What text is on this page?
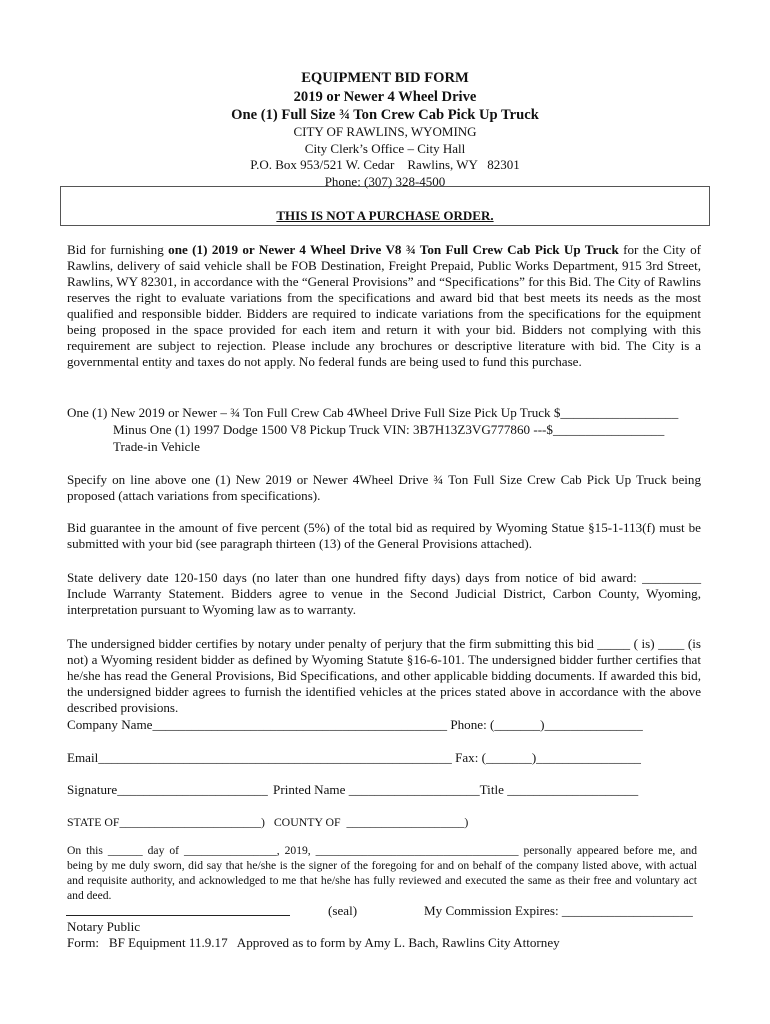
EQUIPMENT BID FORM
2019 or Newer 4 Wheel Drive
One (1) Full Size ¾ Ton Crew Cab Pick Up Truck
CITY OF RAWLINS, WYOMING
City Clerk’s Office – City Hall
P.O. Box 953/521 W. Cedar    Rawlins, WY   82301
Phone: (307) 328-4500
THIS IS NOT A PURCHASE ORDER.
Bid for furnishing one (1) 2019 or Newer 4 Wheel Drive V8 ¾ Ton Full Crew Cab Pick Up Truck for the City of Rawlins, delivery of said vehicle shall be FOB Destination, Freight Prepaid, Public Works Department, 915 3rd Street, Rawlins, WY 82301, in accordance with the “General Provisions” and “Specifications” for this Bid. The City of Rawlins reserves the right to evaluate variations from the specifications and award bid that best meets its needs as the most qualified and responsible bidder. Bidders are required to indicate variations from the specifications for the equipment being proposed in the space provided for each item and return it with your bid. Bidders not complying with this requirement are subject to rejection. Please include any brochures or descriptive literature with bid. The City is a governmental entity and taxes do not apply. No federal funds are being used to fund this purchase.
One (1) New 2019 or Newer – ¾ Ton Full Crew Cab 4Wheel Drive Full Size Pick Up Truck $__________________
Minus One (1) 1997 Dodge 1500 V8 Pickup Truck VIN: 3B7H13Z3VG777860 ---$_________________
Trade-in Vehicle
Specify on line above one (1) New 2019 or Newer 4Wheel Drive ¾ Ton Full Size Crew Cab Pick Up Truck being proposed (attach variations from specifications).
Bid guarantee in the amount of five percent (5%) of the total bid as required by Wyoming Statue §15-1-113(f) must be submitted with your bid (see paragraph thirteen (13) of the General Provisions attached).
State delivery date 120-150 days (no later than one hundred fifty days) days from notice of bid award: _________ Include Warranty Statement. Bidders agree to venue in the Second Judicial District, Carbon County, Wyoming, interpretation pursuant to Wyoming law as to warranty.
The undersigned bidder certifies by notary under penalty of perjury that the firm submitting this bid _____ ( is) ____ (is not) a Wyoming resident bidder as defined by Wyoming Statute §16-6-101. The undersigned bidder further certifies that he/she has read the General Provisions, Bid Specifications, and other applicable bidding documents. If awarded this bid, the undersigned bidder agrees to furnish the identified vehicles at the prices stated above in accordance with the above described provisions.
Company Name_____________________________________________ Phone: (_______)_______________
Email______________________________________________________ Fax: (_______)________________
Signature_______________________ Printed Name ____________________Title ____________________
STATE OF________________________)   COUNTY OF  ____________________)
On this ______ day of ________________, 2019, ___________________________________ personally appeared before me, and being by me duly sworn, did say that he/she is the signer of the foregoing for and on behalf of the company listed above, with actual and requisite authority, and acknowledged to me that he/she has fully reviewed and executed the same as their free and voluntary act and deed.
(seal)	My Commission Expires: ____________________
Notary Public
Form:   BF Equipment 11.9.17   Approved as to form by Amy L. Bach, Rawlins City Attorney
